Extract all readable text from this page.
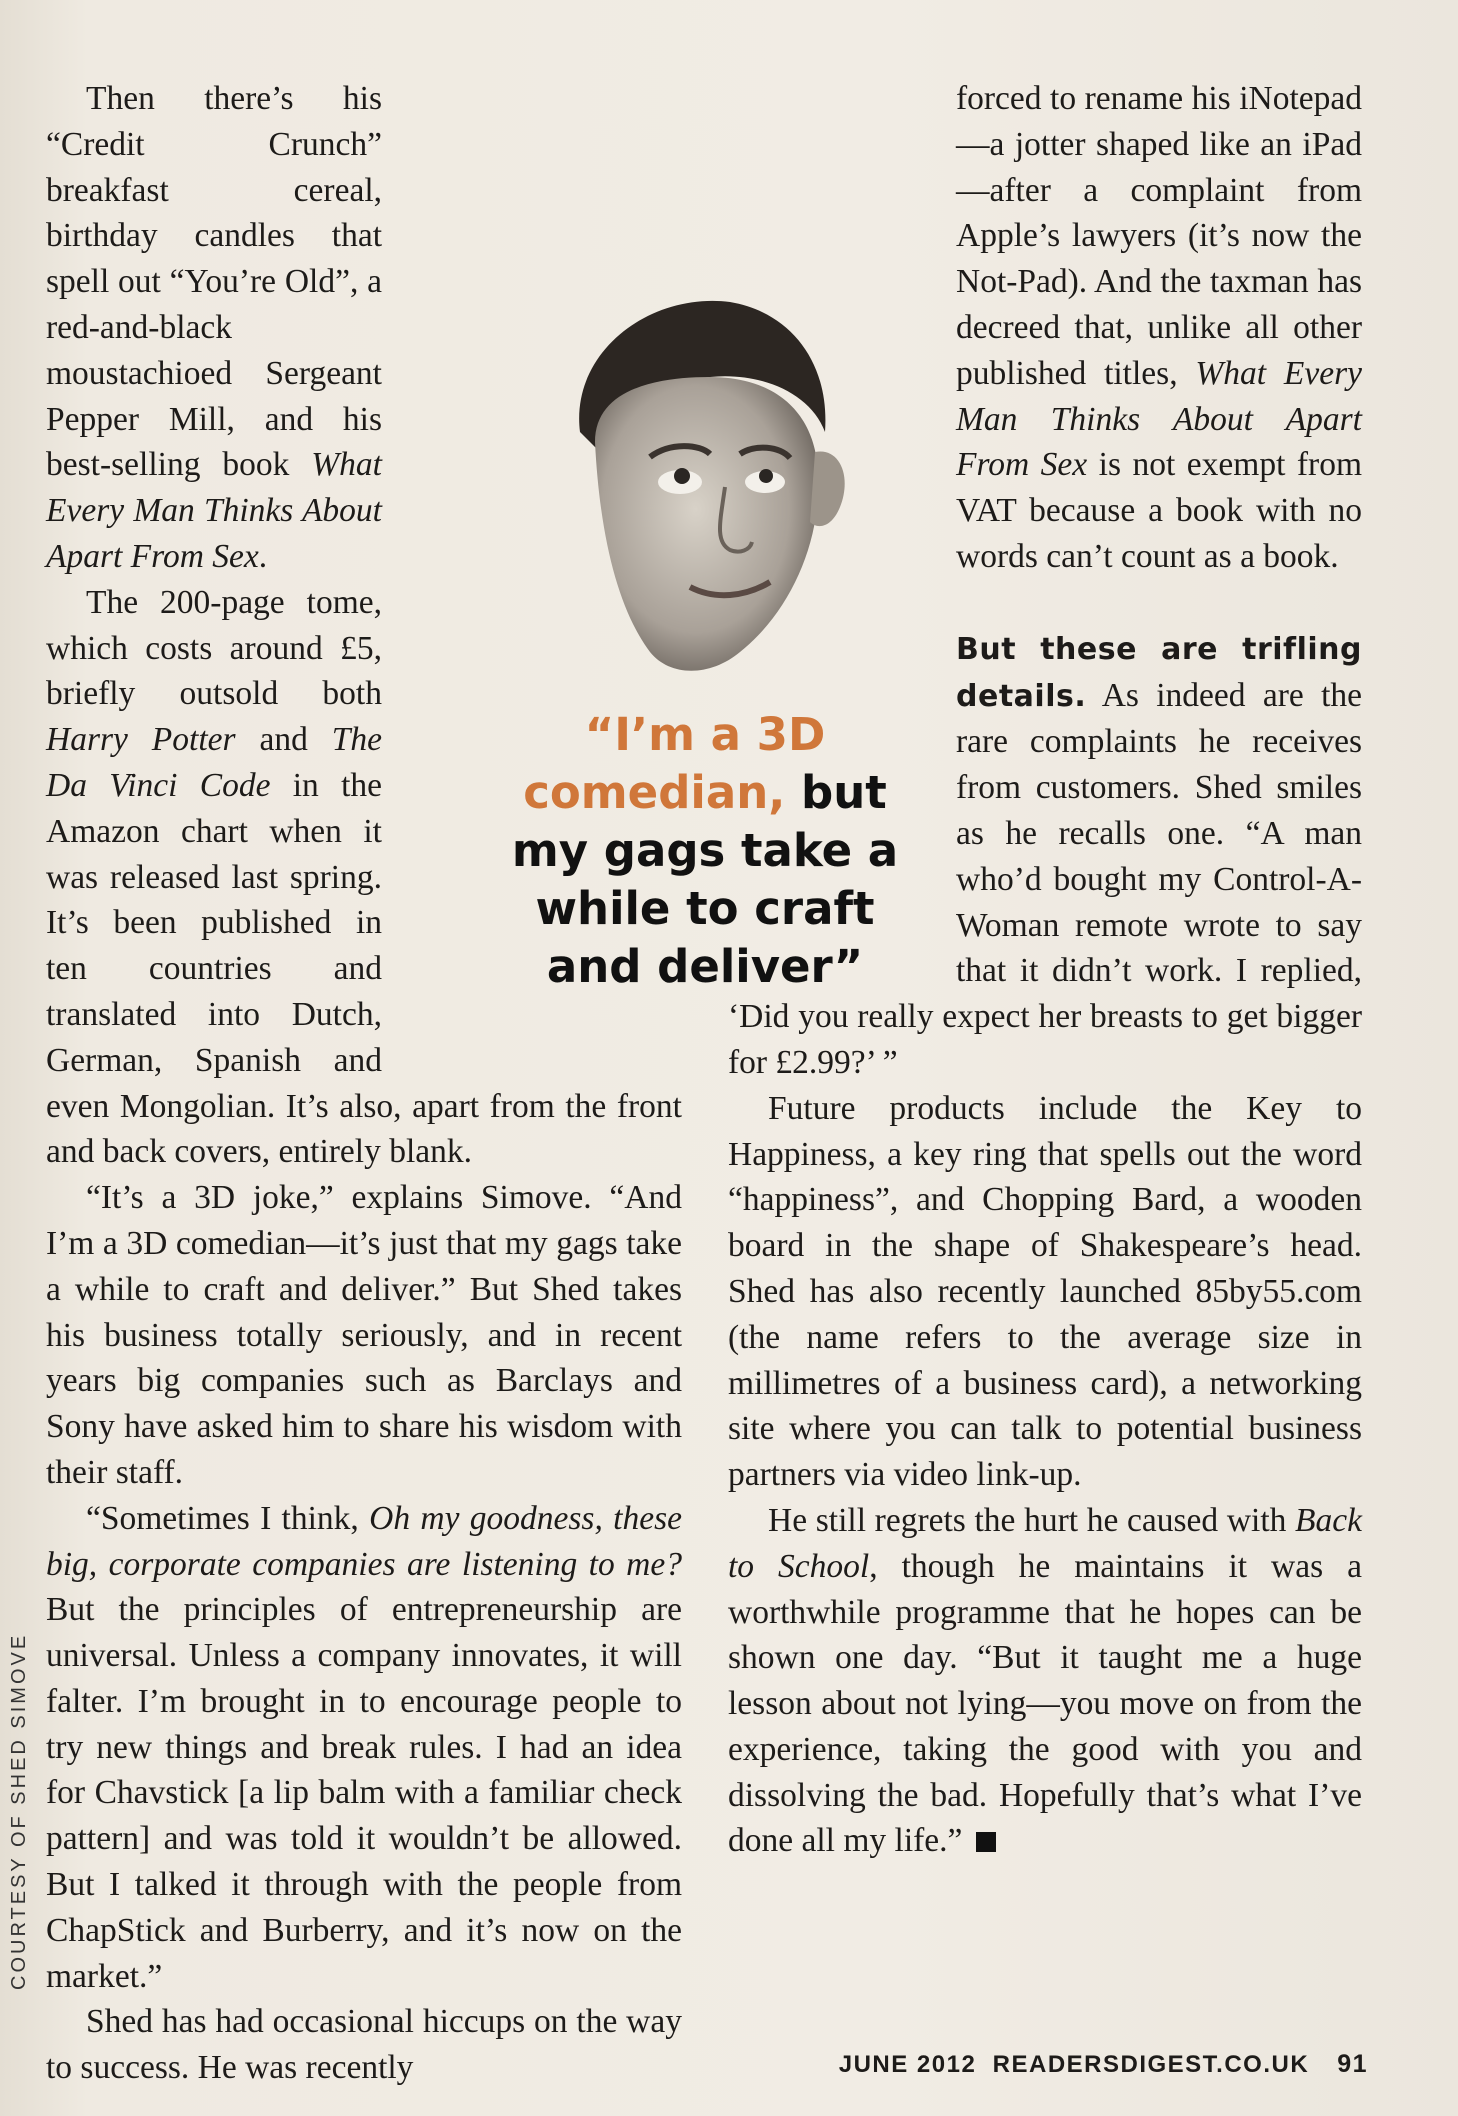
Then there’s his “Credit Crunch” breakfast cereal, birthday candles that spell out “You’re Old”, a red-and-black moustachioed Sergeant Pepper Mill, and his best-selling book What Every Man Thinks About Apart From Sex.

The 200-page tome, which costs around £5, briefly outsold both Harry Potter and The Da Vinci Code in the Amazon chart when it was released last spring. It’s been published in ten countries and translated into Dutch, German, Spanish and even Mongolian. It’s also, apart from the front and back covers, entirely blank.

“It’s a 3D joke,” explains Simove. “And I’m a 3D comedian—it’s just that my gags take a while to craft and deliver.” But Shed takes his business totally seriously, and in recent years big companies such as Barclays and Sony have asked him to share his wisdom with their staff.

“Sometimes I think, Oh my goodness, these big, corporate companies are listening to me? But the principles of entrepreneurship are universal. Unless a company innovates, it will falter. I’m brought in to encourage people to try new things and break rules. I had an idea for Chavstick [a lip balm with a familiar check pattern] and was told it wouldn’t be allowed. But I talked it through with the people from ChapStick and Burberry, and it’s now on the market.”

Shed has had occasional hiccups on the way to success. He was recently

forced to rename his iNotepad—a jotter shaped like an iPad—after a complaint from Apple’s lawyers (it’s now the Not-Pad). And the taxman has decreed that, unlike all other published titles, What Every Man Thinks About Apart From Sex is not exempt from VAT because a book with no words can’t count as a book.

But these are trifling details. As indeed are the rare complaints he receives from customers. Shed smiles as he recalls one. “A man who’d bought my Control-A-Woman remote wrote to say that it didn’t work. I replied, ‘Did you really expect her breasts to get bigger for £2.99?’ ”

Future products include the Key to Happiness, a key ring that spells out the word “happiness”, and Chopping Bard, a wooden board in the shape of Shakespeare’s head. Shed has also recently launched 85by55.com (the name refers to the average size in millimetres of a business card), a networking site where you can talk to potential business partners via video link-up.

He still regrets the hurt he caused with Back to School, though he maintains it was a worthwhile programme that he hopes can be shown one day. “But it taught me a huge lesson about not lying—you move on from the experience, taking the good with you and dissolving the bad. Hopefully that’s what I’ve done all my life.”

“I’m a 3D comedian, but my gags take a while to craft and deliver”
COURTESY OF SHED SIMOVE
JUNE 2012  READERSDIGEST.CO.UK 91
